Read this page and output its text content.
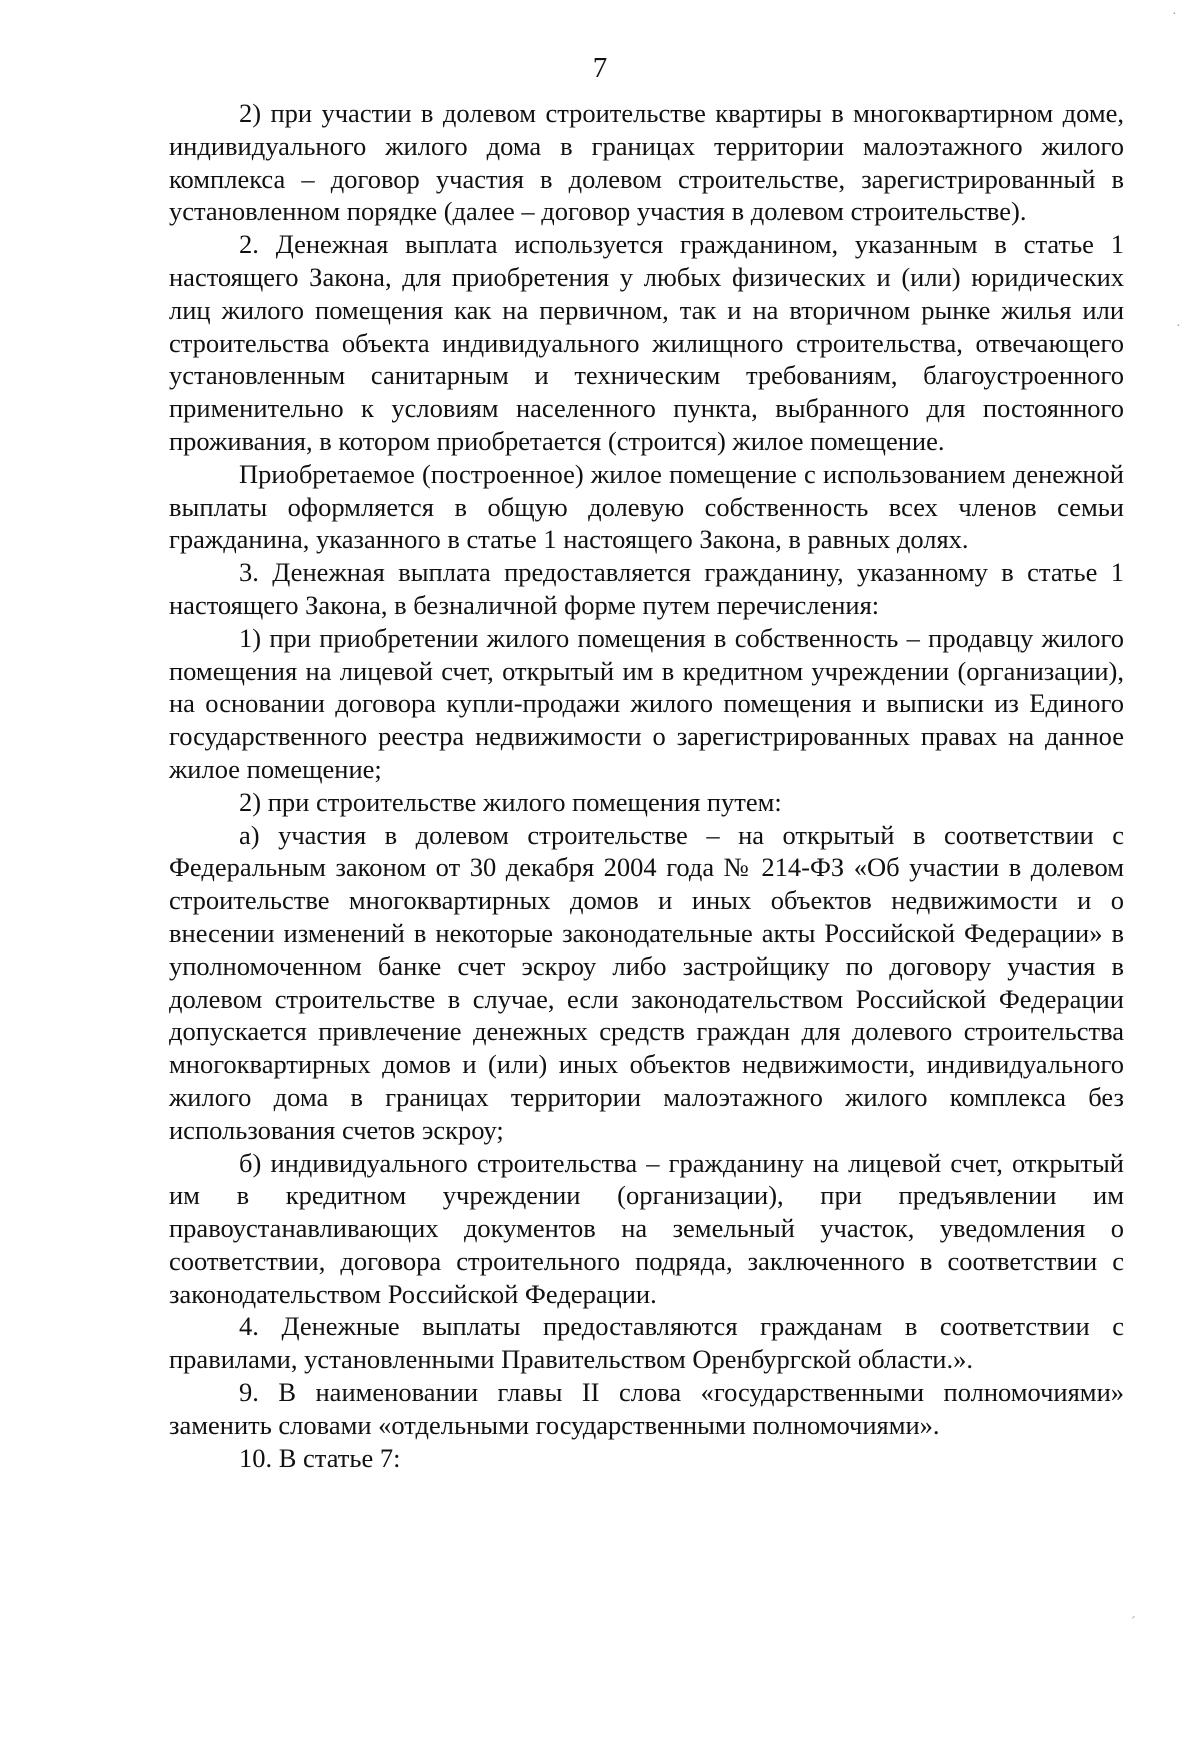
7

2) при участии в долевом строительстве квартиры в многоквартирном доме, индивидуального жилого дома в границах территории малоэтажного жилого комплекса – договор участия в долевом строительстве, зарегистрированный в установленном порядке (далее – договор участия в долевом строительстве).

2. Денежная выплата используется гражданином, указанным в статье 1 настоящего Закона, для приобретения у любых физических и (или) юридических лиц жилого помещения как на первичном, так и на вторичном рынке жилья или строительства объекта индивидуального жилищного строительства, отвечающего установленным санитарным и техническим требованиям, благоустроенного применительно к условиям населенного пункта, выбранного для постоянного проживания, в котором приобретается (строится) жилое помещение.

Приобретаемое (построенное) жилое помещение с использованием денежной выплаты оформляется в общую долевую собственность всех членов семьи гражданина, указанного в статье 1 настоящего Закона, в равных долях.

3. Денежная выплата предоставляется гражданину, указанному в статье 1 настоящего Закона, в безналичной форме путем перечисления:

1) при приобретении жилого помещения в собственность – продавцу жилого помещения на лицевой счет, открытый им в кредитном учреждении (организации), на основании договора купли-продажи жилого помещения и выписки из Единого государственного реестра недвижимости о зарегистрированных правах на данное жилое помещение;

2) при строительстве жилого помещения путем:

а) участия в долевом строительстве – на открытый в соответствии с Федеральным законом от 30 декабря 2004 года № 214-ФЗ «Об участии в долевом строительстве многоквартирных домов и иных объектов недвижимости и о внесении изменений в некоторые законодательные акты Российской Федерации» в уполномоченном банке счет эскроу либо застройщику по договору участия в долевом строительстве в случае, если законодательством Российской Федерации допускается привлечение денежных средств граждан для долевого строительства многоквартирных домов и (или) иных объектов недвижимости, индивидуального жилого дома в границах территории малоэтажного жилого комплекса без использования счетов эскроу;

б) индивидуального строительства – гражданину на лицевой счет, открытый им в кредитном учреждении (организации), при предъявлении им правоустанавливающих документов на земельный участок, уведомления о соответствии, договора строительного подряда, заключенного в соответствии с законодательством Российской Федерации.

4. Денежные выплаты предоставляются гражданам в соответствии с правилами, установленными Правительством Оренбургской области.».

9. В наименовании главы II слова «государственными полномочиями» заменить словами «отдельными государственными полномочиями».

10. В статье 7:

·
·
ˊ
